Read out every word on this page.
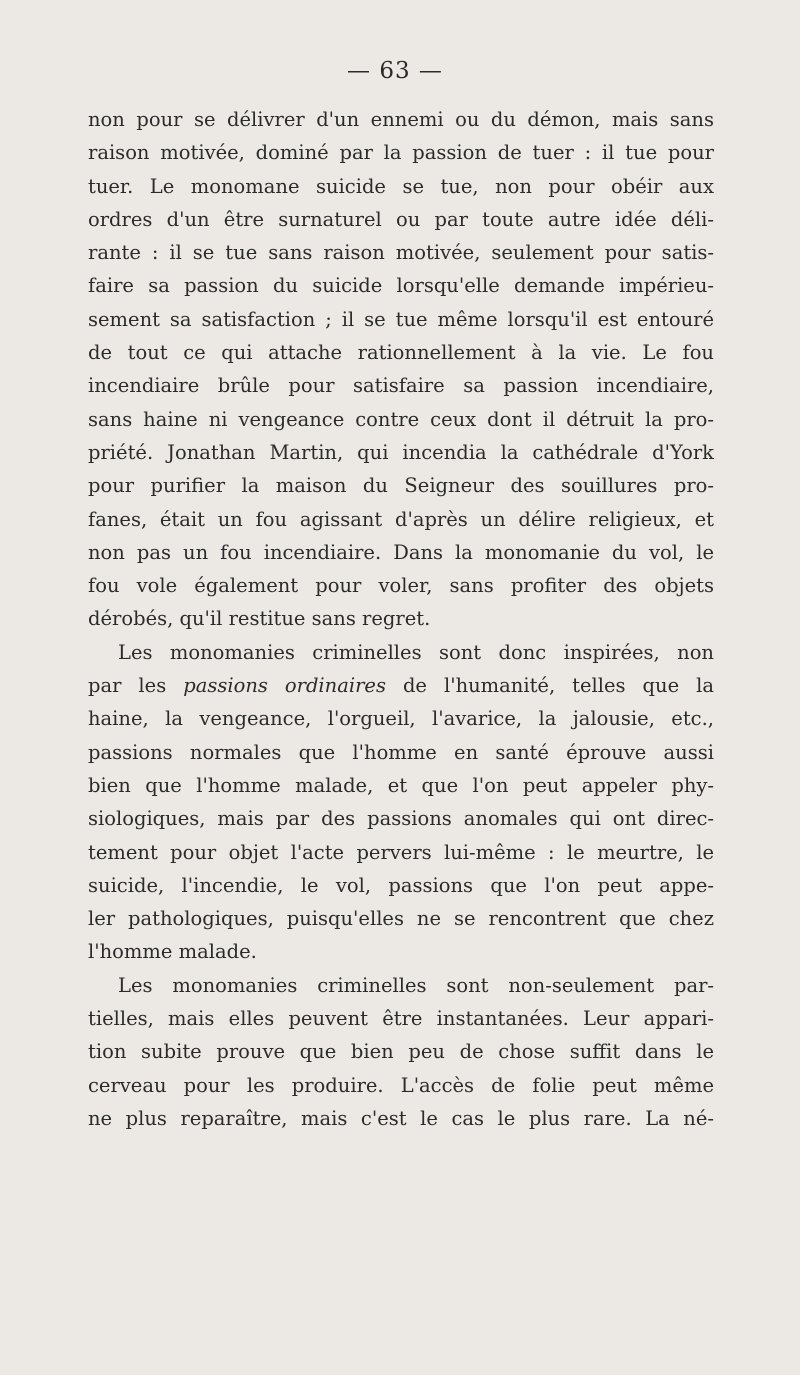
— 63 —
non pour se délivrer d'un ennemi ou du démon, mais sans
raison motivée, dominé par la passion de tuer : il tue pour
tuer. Le monomane suicide se tue, non pour obéir aux
ordres d'un être surnaturel ou par toute autre idée déli-
rante : il se tue sans raison motivée, seulement pour satis-
faire sa passion du suicide lorsqu'elle demande impérieu-
sement sa satisfaction ; il se tue même lorsqu'il est entouré
de tout ce qui attache rationnellement à la vie. Le fou
incendiaire brûle pour satisfaire sa passion incendiaire,
sans haine ni vengeance contre ceux dont il détruit la pro-
priété. Jonathan Martin, qui incendia la cathédrale d'York
pour purifier la maison du Seigneur des souillures pro-
fanes, était un fou agissant d'après un délire religieux, et
non pas un fou incendiaire. Dans la monomanie du vol, le
fou vole également pour voler, sans profiter des objets
dérobés, qu'il restitue sans regret.
Les monomanies criminelles sont donc inspirées, non
par les passions ordinaires de l'humanité, telles que la
haine, la vengeance, l'orgueil, l'avarice, la jalousie, etc.,
passions normales que l'homme en santé éprouve aussi
bien que l'homme malade, et que l'on peut appeler phy-
siologiques, mais par des passions anomales qui ont direc-
tement pour objet l'acte pervers lui-même : le meurtre, le
suicide, l'incendie, le vol, passions que l'on peut appe-
ler pathologiques, puisqu'elles ne se rencontrent que chez
l'homme malade.
Les monomanies criminelles sont non-seulement par-
tielles, mais elles peuvent être instantanées. Leur appari-
tion subite prouve que bien peu de chose suffit dans le
cerveau pour les produire. L'accès de folie peut même
ne plus reparaître, mais c'est le cas le plus rare. La né-
